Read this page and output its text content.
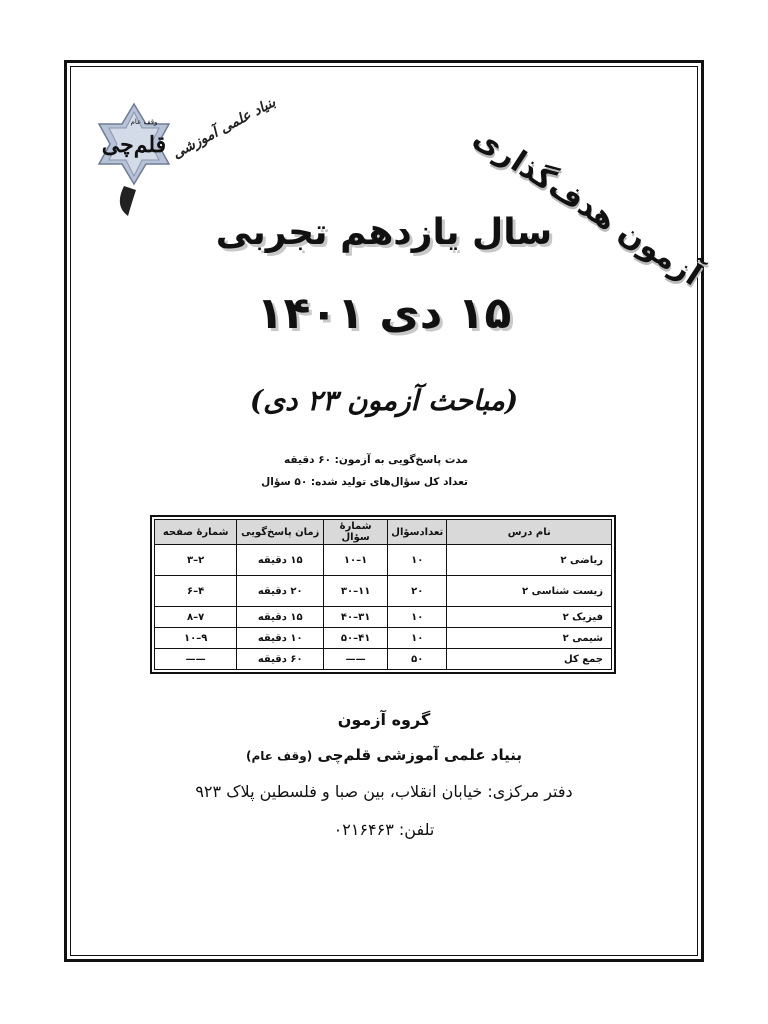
قلم‌چی
وقف عام بنیاد علمی آموزشی	آزمون هدف‌گذاری
سال یازدهم تجربی
۱۵ دی ۱۴۰۱
(مباحث آزمون ۲۳ دی)
مدت پاسخ‌گویی به آزمون: ۶۰ دقیقه
تعداد کل سؤال‌های تولید شده: ۵۰ سؤال
نام درس	تعدادسؤال	شمارهٔ سؤال	زمان پاسخ‌گویی	شمارهٔ صفحه
ریاضی ۲	۱۰	۱–۱۰	۱۵ دقیقه	۲–۳
زیست شناسی ۲	۲۰	۱۱–۳۰	۲۰ دقیقه	۴–۶
فیزیک ۲	۱۰	۳۱–۴۰	۱۵ دقیقه	۷–۸
شیمی ۲	۱۰	۴۱–۵۰	۱۰ دقیقه	۹–۱۰
جمع کل	۵۰	——	۶۰ دقیقه	——
گروه آزمون
بنیاد علمی آموزشی قلم‌چی (وقف عام)
دفتر مرکزی: خیابان انقلاب، بین صبا و فلسطین پلاک ۹۲۳
تلفن: ۰۲۱۶۴۶۳
